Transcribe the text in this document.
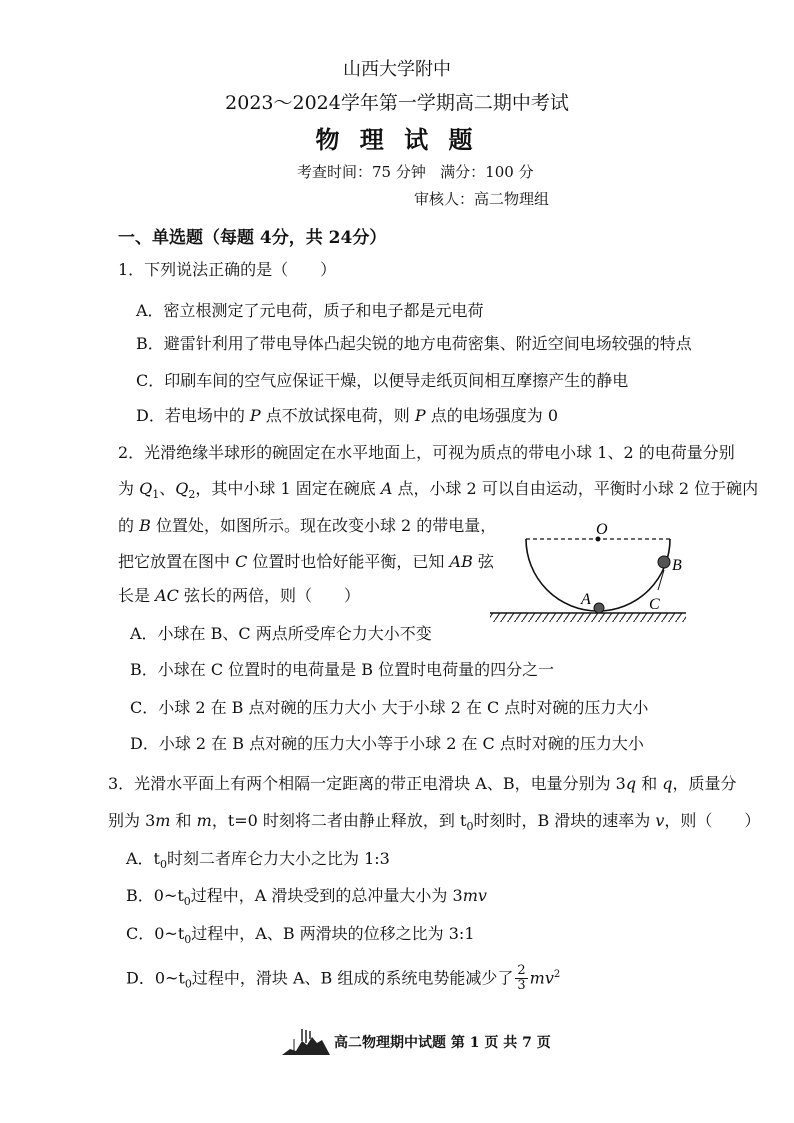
山西大学附中
2023～2024学年第一学期高二期中考试
物 理 试 题
考查时间：75 分钟 满分：100 分
审核人：高二物理组
一、单选题（每题 4分，共 24分）
1．下列说法正确的是（　　）
A．密立根测定了元电荷，质子和电子都是元电荷
B．避雷针利用了带电导体凸起尖锐的地方电荷密集、附近空间电场较强的特点
C．印刷车间的空气应保证干燥，以便导走纸页间相互摩擦产生的静电
D．若电场中的 P 点不放试探电荷，则 P 点的电场强度为 0
2．光滑绝缘半球形的碗固定在水平地面上，可视为质点的带电小球 1、2 的电荷量分别
为 $Q_1$、$Q_2$，其中小球 1 固定在碗底 A 点，小球 2 可以自由运动，平衡时小球 2 位于碗内
的 B 位置处，如图所示。现在改变小球 2 的带电量，
把它放置在图中 C 位置时也恰好能平衡，已知 AB 弦
长是 AC 弦长的两倍，则（　　）
O
A
B
C
A．小球在 B、C 两点所受库仑力大小不变
B．小球在 C 位置时的电荷量是 B 位置时电荷量的四分之一
C．小球 2 在 B 点对碗的压力大小 大于小球 2 在 C 点时对碗的压力大小
D．小球 2 在 B 点对碗的压力大小等于小球 2 在 C 点时对碗的压力大小
3．光滑水平面上有两个相隔一定距离的带正电滑块 A、B，电量分别为 3q 和 q，质量分
别为 3m 和 m，t=0 时刻将二者由静止释放，到 $t_0$时刻时，B 滑块的速率为 v，则（　　）
A．$t_0$时刻二者库仑力大小之比为 1:3
B．$0\sim t_0$过程中，A 滑块受到的总冲量大小为 3mv
C．$0\sim t_0$过程中，A、B 两滑块的位移之比为 3:1
D．$0\sim t_0$过程中，滑块 A、B 组成的系统电势能减少了 $\frac{2}{3} mv^2$
高二物理期中试题 第 1 页 共 7 页
